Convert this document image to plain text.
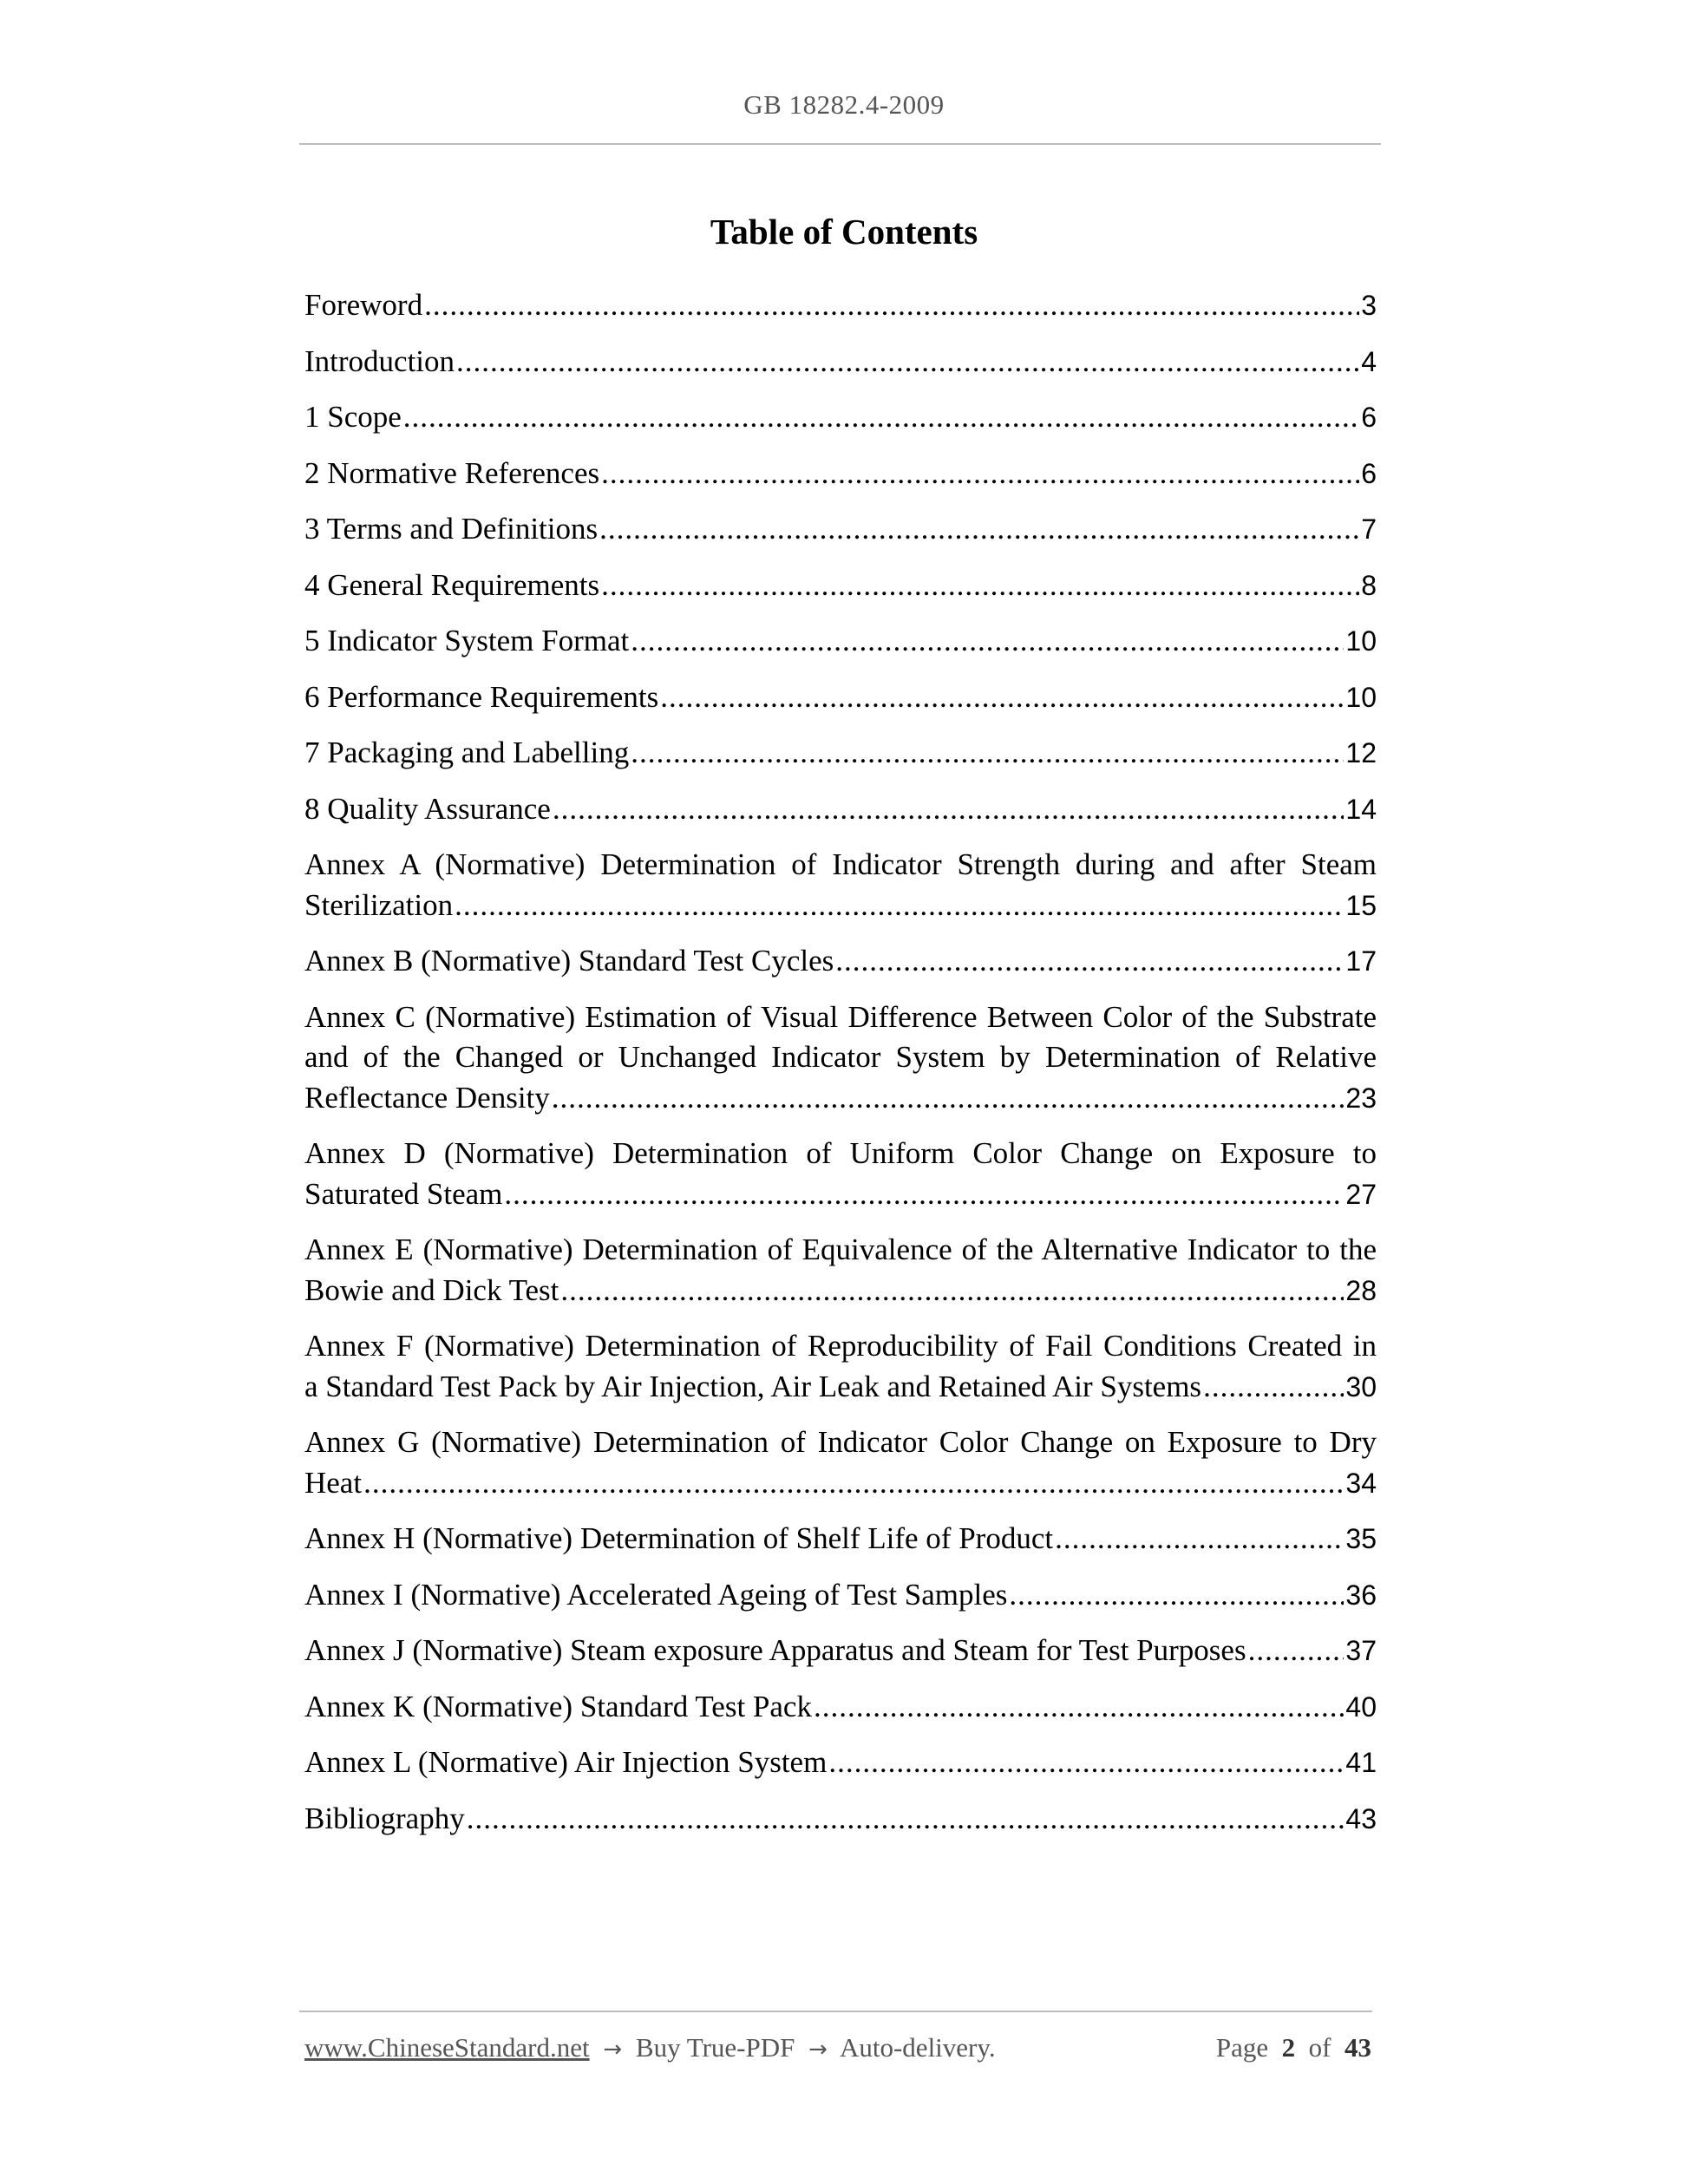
GB 18282.4-2009
Table of Contents
Foreword .....	3
Introduction .....	4
1 Scope .....	6
2 Normative References .....	6
3 Terms and Definitions .....	7
4 General Requirements .....	8
5 Indicator System Format .....	10
6 Performance Requirements .....	10
7 Packaging and Labelling .....	12
8 Quality Assurance .....	14
Annex A (Normative) Determination of Indicator Strength during and after Steam
Sterilization .....	15
Annex B (Normative) Standard Test Cycles .....	17
Annex C (Normative) Estimation of Visual Difference Between Color of the Substrate and of the Changed or Unchanged Indicator System by Determination of Relative
Reflectance Density .....	23
Annex D (Normative) Determination of Uniform Color Change on Exposure to
Saturated Steam .....	27
Annex E (Normative) Determination of Equivalence of the Alternative Indicator to the
Bowie and Dick Test .....	28
Annex F (Normative) Determination of Reproducibility of Fail Conditions Created in
a Standard Test Pack by Air Injection, Air Leak and Retained Air Systems .....	30
Annex G (Normative) Determination of Indicator Color Change on Exposure to Dry
Heat .....	34
Annex H (Normative) Determination of Shelf Life of Product .....	35
Annex I (Normative) Accelerated Ageing of Test Samples .....	36
Annex J (Normative) Steam exposure Apparatus and Steam for Test Purposes .....	37
Annex K (Normative) Standard Test Pack .....	40
Annex L (Normative) Air Injection System .....	41
Bibliography .....	43
www.ChineseStandard.net → Buy True-PDF → Auto-delivery.	Page 2 of 43
